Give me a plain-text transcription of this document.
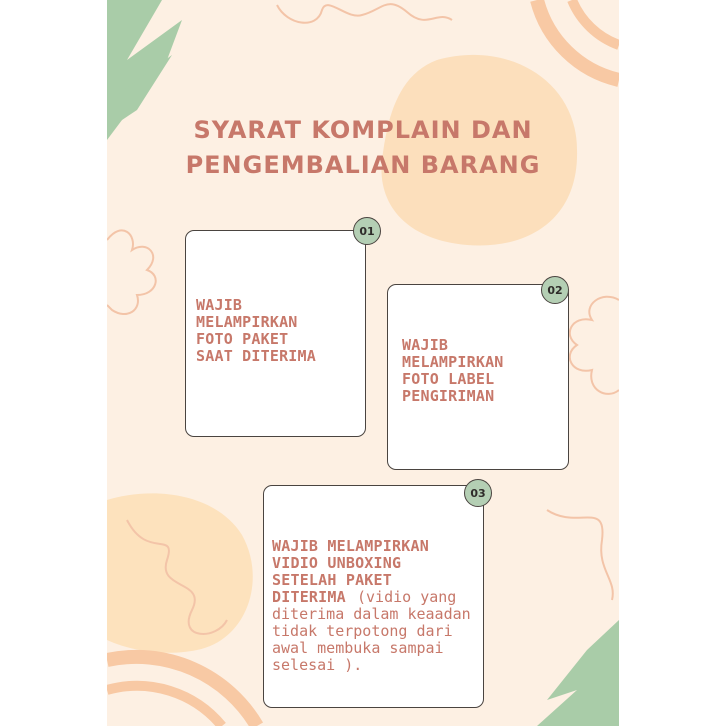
SYARAT KOMPLAIN DAN
PENGEMBALIAN BARANG

WAJIB
MELAMPIRKAN
FOTO PAKET
SAAT DITERIMA

01

WAJIB
MELAMPIRKAN
FOTO LABEL
PENGIRIMAN

02

WAJIB MELAMPIRKAN
VIDIO UNBOXING
SETELAH PAKET
DITERIMA (vidio yang

diterima dalam keaadan
tidak terpotong dari
awal membuka sampai
selesai ).

03
